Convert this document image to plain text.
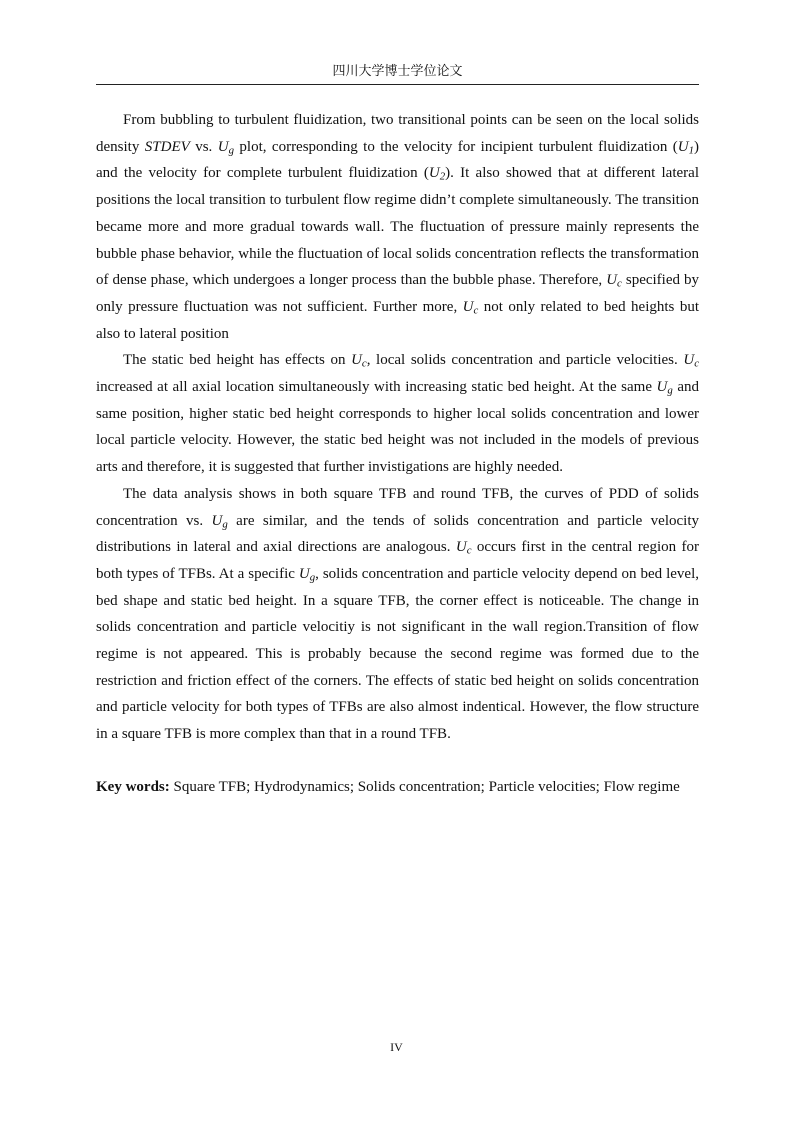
四川大学博士学位论文

From bubbling to turbulent fluidization, two transitional points can be seen on the local solids density STDEV vs. $U_g$ plot, corresponding to the velocity for incipient turbulent fluidization $(U_1)$ and the velocity for complete turbulent fluidization $(U_2)$. It also showed that at different lateral positions the local transition to turbulent flow regime didn’t complete simultaneously. The transition became more and more gradual towards wall. The fluctuation of pressure mainly represents the bubble phase behavior, while the fluctuation of local solids concentration reflects the transformation of dense phase, which undergoes a longer process than the bubble phase. Therefore, $U_c$ specified by only pressure fluctuation was not sufficient. Further more, $U_c$ not only related to bed heights but also to lateral position

The static bed height has effects on $U_c$, local solids concentration and particle velocities. $U_c$ increased at all axial location simultaneously with increasing static bed height. At the same $U_g$ and same position, higher static bed height corresponds to higher local solids concentration and lower local particle velocity. However, the static bed height was not included in the models of previous arts and therefore, it is suggested that further invistigations are highly needed.

The data analysis shows in both square TFB and round TFB, the curves of PDD of solids concentration vs. $U_g$ are similar, and the tends of solids concentration and particle velocity distributions in lateral and axial directions are analogous. $U_c$ occurs first in the central region for both types of TFBs. At a specific $U_g$, solids concentration and particle velocity depend on bed level, bed shape and static bed height. In a square TFB, the corner effect is noticeable. The change in solids concentration and particle velocitiy is not significant in the wall region.Transition of flow regime is not appeared. This is probably because the second regime was formed due to the restriction and friction effect of the corners. The effects of static bed height on solids concentration and particle velocity for both types of TFBs are also almost indentical. However, the flow structure in a square TFB is more complex than that in a round TFB.

Key words: Square TFB; Hydrodynamics; Solids concentration; Particle velocities; Flow regime

IV
